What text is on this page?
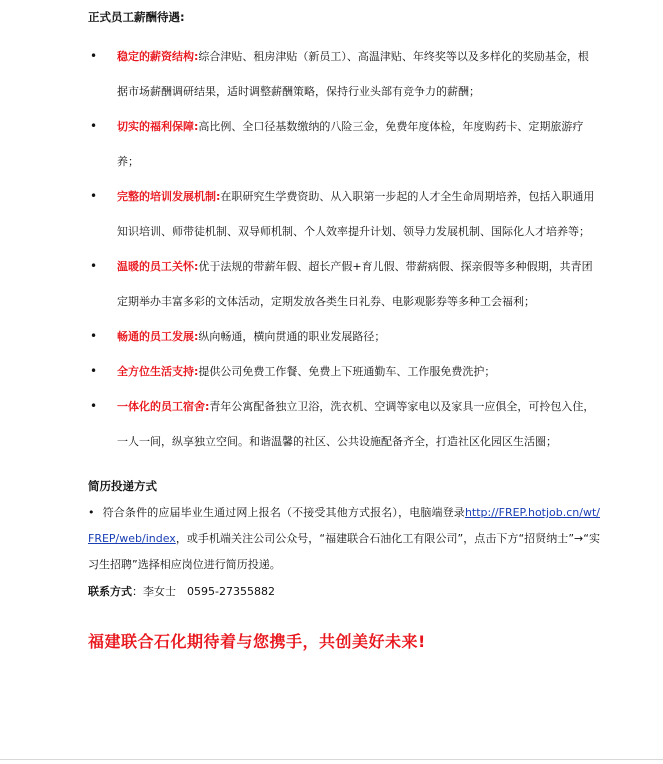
正式员工薪酬待遇:
• 稳定的薪资结构:综合津贴、租房津贴（新员工）、高温津贴、年终奖等以及多样化的奖励基金，根据市场薪酬调研结果，适时调整薪酬策略，保持行业头部有竞争力的薪酬；
• 切实的福利保障:高比例、全口径基数缴纳的八险三金，免费年度体检，年度购药卡、定期旅游疗养；
• 完整的培训发展机制:在职研究生学费资助、从入职第一步起的人才全生命周期培养，包括入职通用知识培训、师带徒机制、双导师机制、个人效率提升计划、领导力发展机制、国际化人才培养等；
• 温暖的员工关怀:优于法规的带薪年假、超长产假+育儿假、带薪病假、探亲假等多种假期，共青团定期举办丰富多彩的文体活动，定期发放各类生日礼券、电影观影券等多种工会福利；
• 畅通的员工发展:纵向畅通，横向贯通的职业发展路径；
• 全方位生活支持:提供公司免费工作餐、免费上下班通勤车、工作服免费洗护；
• 一体化的员工宿舍:青年公寓配备独立卫浴，洗衣机、空调等家电以及家具一应俱全，可拎包入住，一人一间，纵享独立空间。和谐温馨的社区、公共设施配备齐全，打造社区化园区生活圈；
简历投递方式
• 符合条件的应届毕业生通过网上报名（不接受其他方式报名），电脑端登录http://FREP.hotjob.cn/wt/FREP/web/index，或手机端关注公司公众号，“福建联合石油化工有限公司”，点击下方“招贤纳士”→“实习生招聘”选择相应岗位进行简历投递。
联系方式：李女士　0595-27355882
福建联合石化期待着与您携手，共创美好未来!
